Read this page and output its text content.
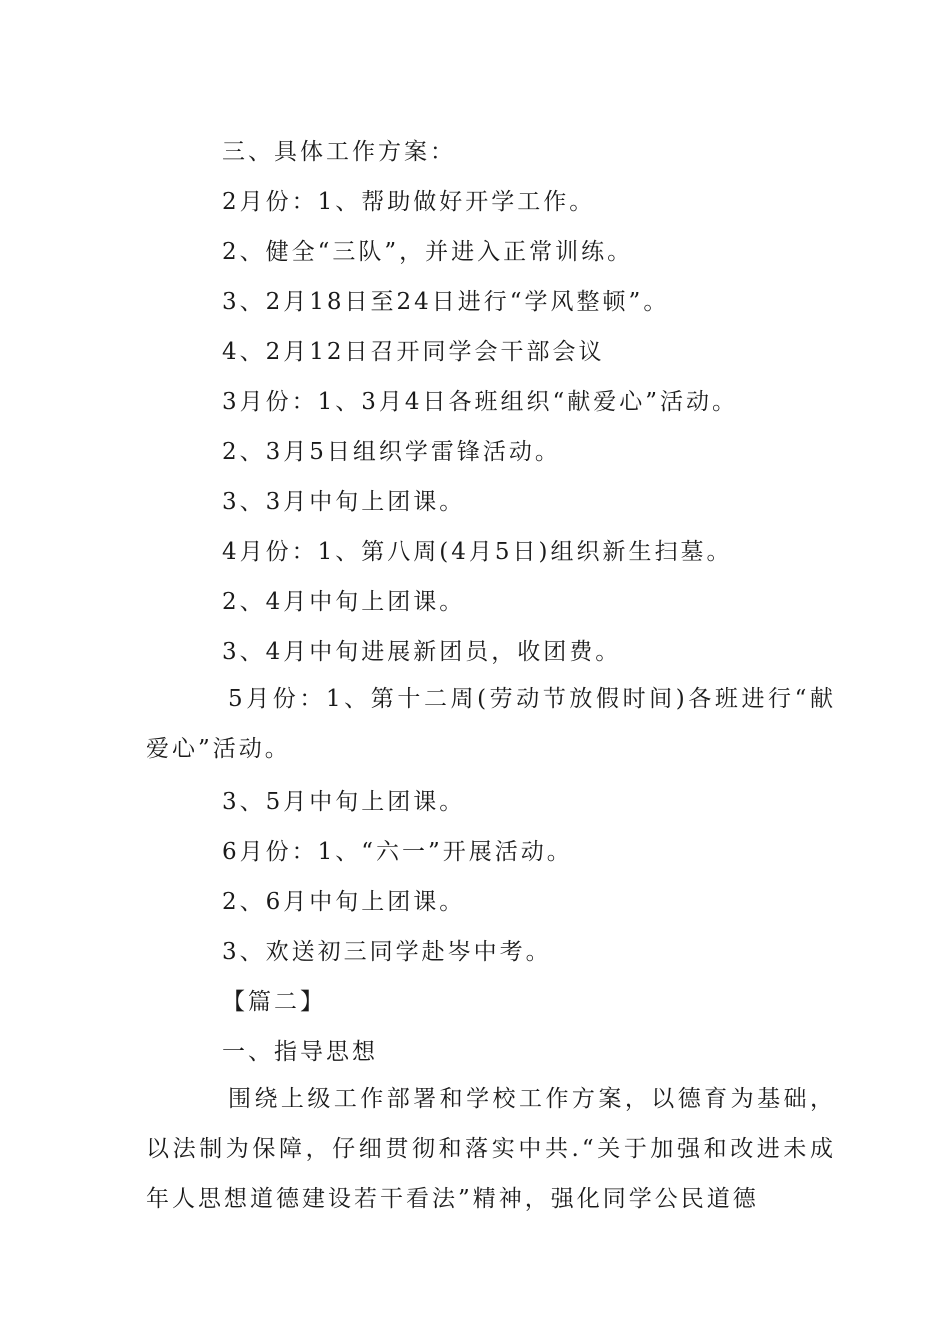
三、具体工作方案：
2月份：1、帮助做好开学工作。
2、健全“三队”，并进入正常训练。
3、2月18日至24日进行“学风整顿”。
4、2月12日召开同学会干部会议
3月份：1、3月4日各班组织“献爱心”活动。
2、3月5日组织学雷锋活动。
3、3月中旬上团课。
4月份：1、第八周(4月5日)组织新生扫墓。
2、4月中旬上团课。
3、4月中旬进展新团员，收团费。
5月份：1、第十二周(劳动节放假时间)各班进行“献爱心”活动。
3、5月中旬上团课。
6月份：1、“六一”开展活动。
2、6月中旬上团课。
3、欢送初三同学赴岑中考。
【篇二】
一、指导思想
围绕上级工作部署和学校工作方案，以德育为基础，以法制为保障，仔细贯彻和落实中共.“关于加强和改进未成年人思想道德建设若干看法”精神，强化同学公民道德
